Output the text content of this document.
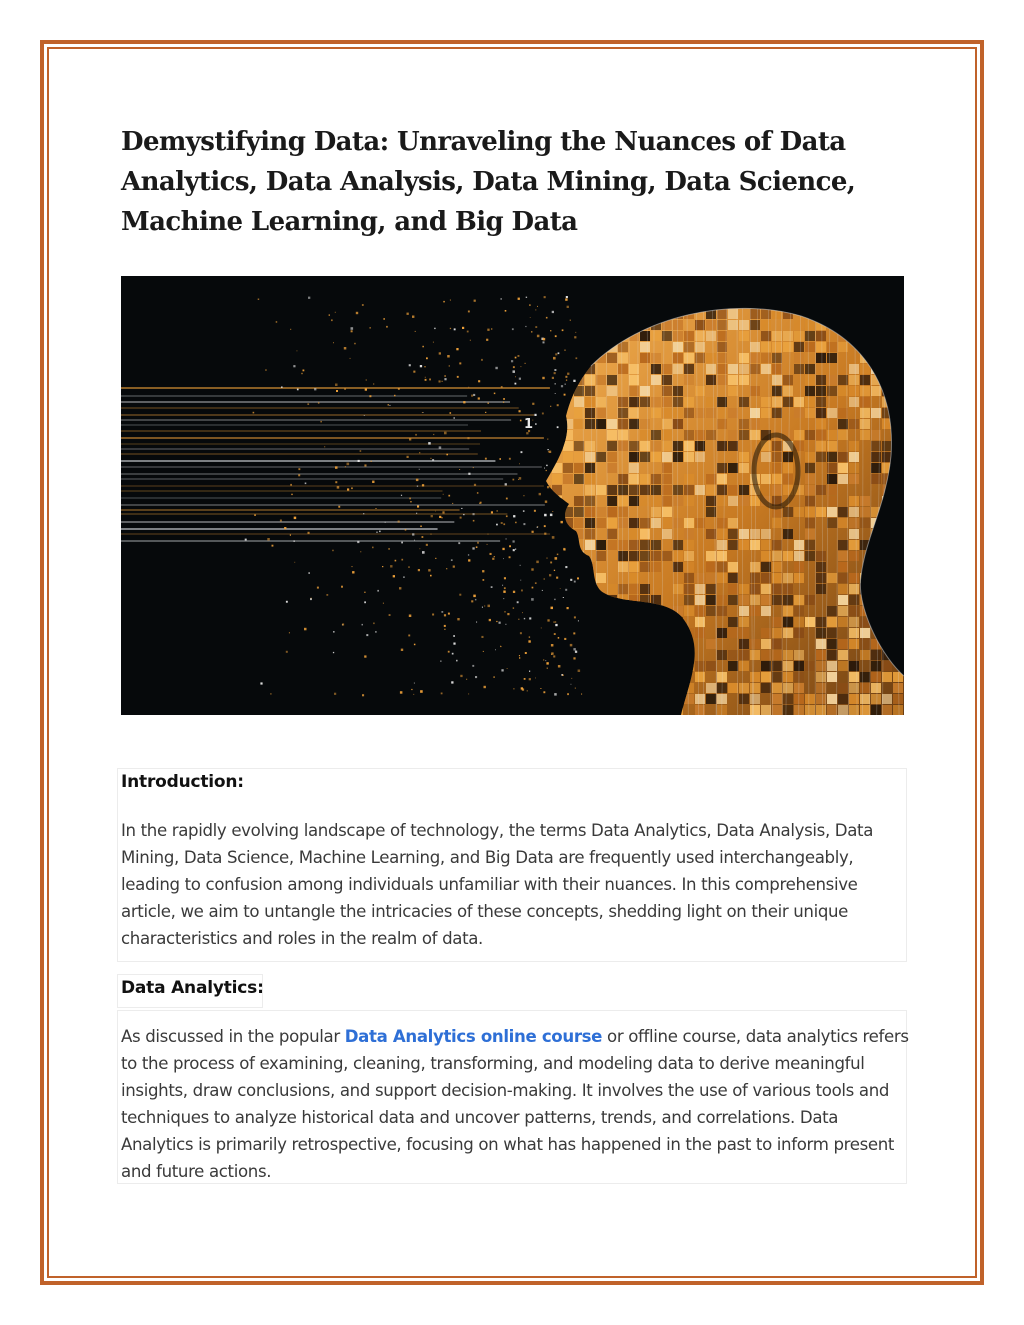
Demystifying Data: Unraveling the Nuances of Data Analytics, Data Analysis, Data Mining, Data Science, Machine Learning, and Big Data
1
Introduction:

In the rapidly evolving landscape of technology, the terms Data Analytics, Data Analysis, Data Mining, Data Science, Machine Learning, and Big Data are frequently used interchangeably, leading to confusion among individuals unfamiliar with their nuances. In this comprehensive article, we aim to untangle the intricacies of these concepts, shedding light on their unique characteristics and roles in the realm of data.

Data Analytics:

As discussed in the popular Data Analytics online course or offline course, data analytics refers to the process of examining, cleaning, transforming, and modeling data to derive meaningful insights, draw conclusions, and support decision-making. It involves the use of various tools and techniques to analyze historical data and uncover patterns, trends, and correlations. Data Analytics is primarily retrospective, focusing on what has happened in the past to inform present and future actions.
